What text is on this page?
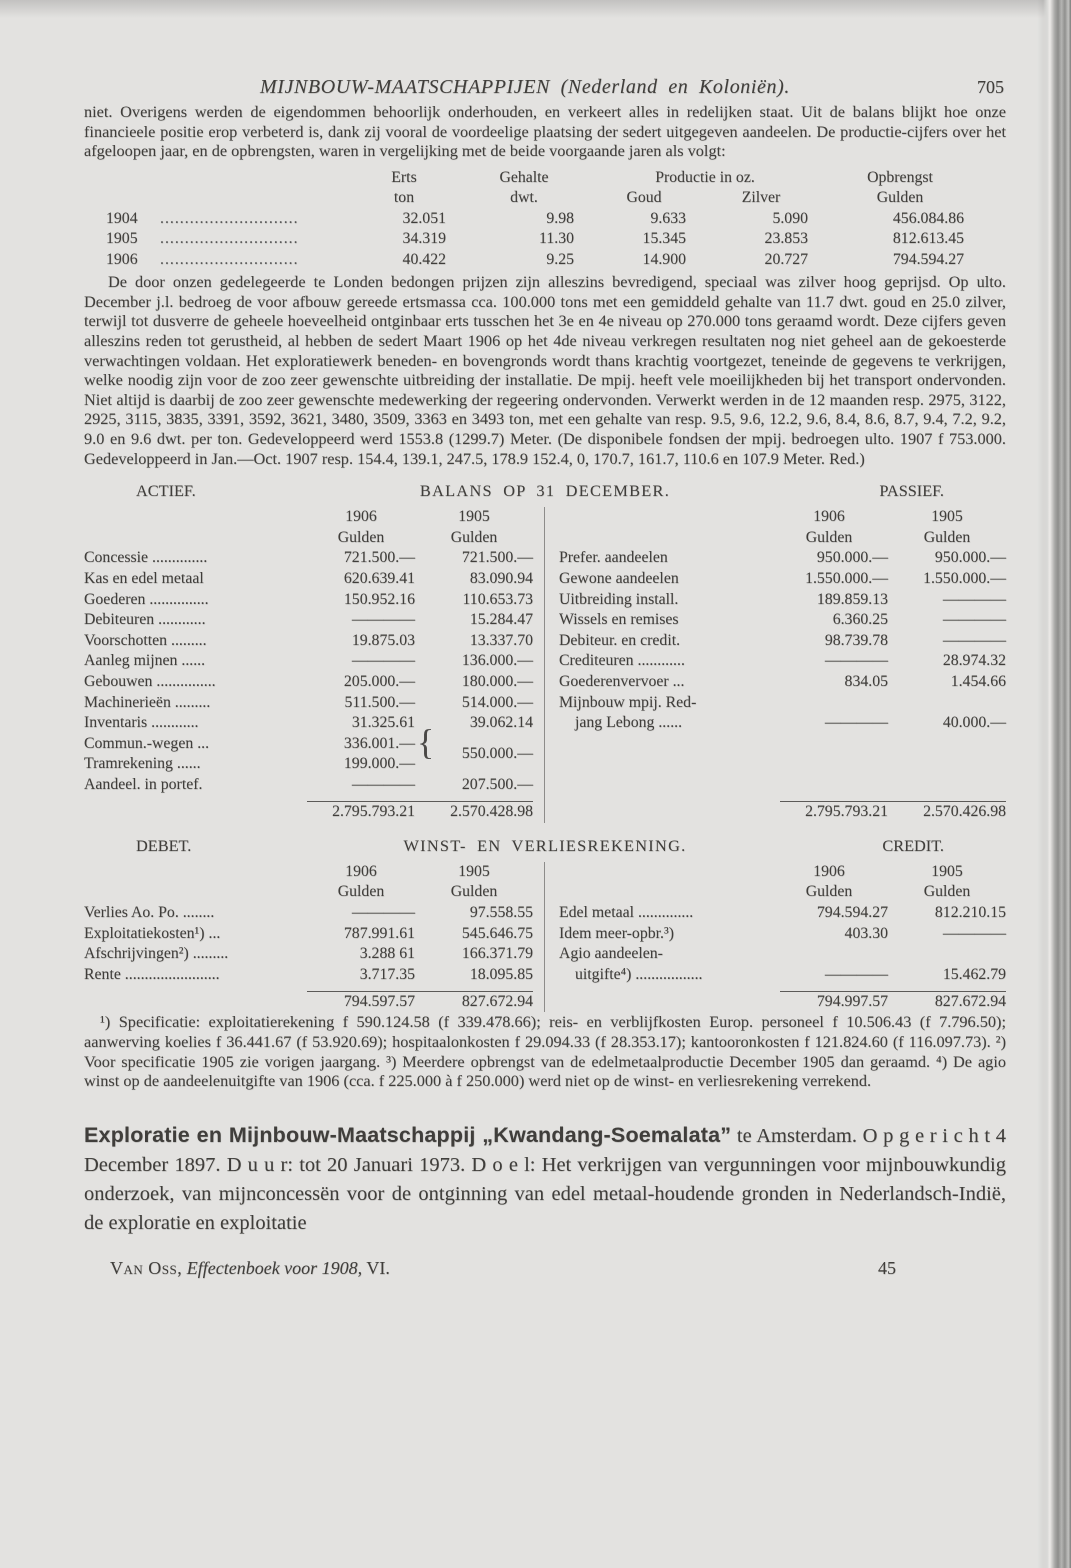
MIJNBOUW-MAATSCHAPPIJEN (Nederland en Koloniën).	705

niet. Overigens werden de eigendommen behoorlijk onderhouden, en verkeert alles in redelijken staat. Uit de balans blijkt hoe onze financieele positie erop verbeterd is, dank zij vooral de voordeelige plaatsing der sedert uitgegeven aandeelen. De productie-cijfers over het afgeloopen jaar, en de opbrengsten, waren in vergelijking met de beide voorgaande jaren als volgt:

		Erts	Gehalte	Productie in oz.		Opbrengst
		ton	dwt.	Goud	Zilver	Gulden
1904	............................	32.051	9.98	9.633	5.090	456.084.86
1905	............................	34.319	11.30	15.345	23.853	812.613.45
1906	............................	40.422	9.25	14.900	20.727	794.594.27

De door onzen gedelegeerde te Londen bedongen prijzen zijn alleszins bevredigend, speciaal was zilver hoog geprijsd. Op ulto. December j.l. bedroeg de voor afbouw gereede ertsmassa cca. 100.000 tons met een gemiddeld gehalte van 11.7 dwt. goud en 25.0 zilver, terwijl tot dusverre de geheele hoeveelheid ontginbaar erts tusschen het 3e en 4e niveau op 270.000 tons geraamd wordt. Deze cijfers geven alleszins reden tot gerustheid, al hebben de sedert Maart 1906 op het 4de niveau verkregen resultaten nog niet geheel aan de gekoesterde verwachtingen voldaan. Het exploratiewerk beneden- en bovengronds wordt thans krachtig voortgezet, teneinde de gegevens te verkrijgen, welke noodig zijn voor de zoo zeer gewenschte uitbreiding der installatie. De mpij. heeft vele moeilijkheden bij het transport ondervonden. Niet altijd is daarbij de zoo zeer gewenschte medewerking der regeering ondervonden. Verwerkt werden in de 12 maanden resp. 2975, 3122, 2925, 3115, 3835, 3391, 3592, 3621, 3480, 3509, 3363 en 3493 ton, met een gehalte van resp. 9.5, 9.6, 12.2, 9.6, 8.4, 8.6, 8.7, 9.4, 7.2, 9.2, 9.0 en 9.6 dwt. per ton. Gedeveloppeerd werd 1553.8 (1299.7) Meter. (De disponibele fondsen der mpij. bedroegen ulto. 1907 f 753.000. Gedeveloppeerd in Jan.—Oct. 1907 resp. 154.4, 139.1, 247.5, 178.9 152.4, 0, 170.7, 161.7, 110.6 en 107.9 Meter. Red.)

ACTIEF.	BALANS OP 31 DECEMBER.	PASSIEF.
1906	1905
Gulden	Gulden
Concessie ..............	721.500.—	721.500.—
Kas en edel metaal	620.639.41	83.090.94
Goederen ...............	150.952.16	110.653.73
Debiteuren ............	————	15.284.47
Voorschotten .........	19.875.03	13.337.70
Aanleg mijnen ......	————	136.000.—
Gebouwen ...............	205.000.—	180.000.—
Machinerieën .........	511.500.—	514.000.—
Inventaris ............	31.325.61	39.062.14
Commun.-wegen ...	336.001.—
Tramrekening ......	199.000.—
{	550.000.—
Aandeel. in portef.	————	207.500.—
2.795.793.21	2.570.428.98
1906	1905
Gulden	Gulden
Prefer. aandeelen	950.000.—	950.000.—
Gewone aandeelen	1.550.000.—	1.550.000.—
Uitbreiding install.	189.859.13	————
Wissels en remises	6.360.25	————
Debiteur. en credit.	98.739.78	————
Crediteuren ............	————	28.974.32
Goederenvervoer ...	834.05	1.454.66
Mijnbouw mpij. Red-
jang Lebong ......	————	40.000.—
2.795.793.21	2.570.426.98
DEBET.	WINST- EN VERLIESREKENING.	CREDIT.
1906	1905
Gulden	Gulden
Verlies Ao. Po. ........	————	97.558.55
Exploitatiekosten¹) ...	787.991.61	545.646.75
Afschrijvingen²) .........	3.288 61	166.371.79
Rente ........................	3.717.35	18.095.85
794.597.57	827.672.94
1906	1905
Gulden	Gulden
Edel metaal ..............	794.594.27	812.210.15
Idem meer-opbr.³)	403.30	————
Agio aandeelen-
uitgifte⁴) .................	————	15.462.79
794.997.57	827.672.94

¹) Specificatie: exploitatierekening f 590.124.58 (f 339.478.66); reis- en verblijfkosten Europ. personeel f 10.506.43 (f 7.796.50); aanwerving koelies f 36.441.67 (f 53.920.69); hospitaalonkosten f 29.094.33 (f 28.353.17); kantooronkosten f 121.824.60 (f 116.097.73). ²) Voor specificatie 1905 zie vorigen jaargang. ³) Meerdere opbrengst van de edelmetaalproductie December 1905 dan geraamd. ⁴) De agio winst op de aandeelenuitgifte van 1906 (cca. f 225.000 à f 250.000) werd niet op de winst- en verliesrekening verrekend.

Exploratie en Mijnbouw-Maatschappij „Kwandang-Soemalata” te Amsterdam. O p g e r i c h t 4 December 1897. D u u r: tot 20 Januari 1973. D o e l: Het verkrijgen van vergunningen voor mijnbouwkundig onderzoek, van mijnconcessën voor de ontginning van edel metaal-houdende gronden in Nederlandsch-Indië, de exploratie en exploitatie

Van Oss, Effectenboek voor 1908, VI.	45
